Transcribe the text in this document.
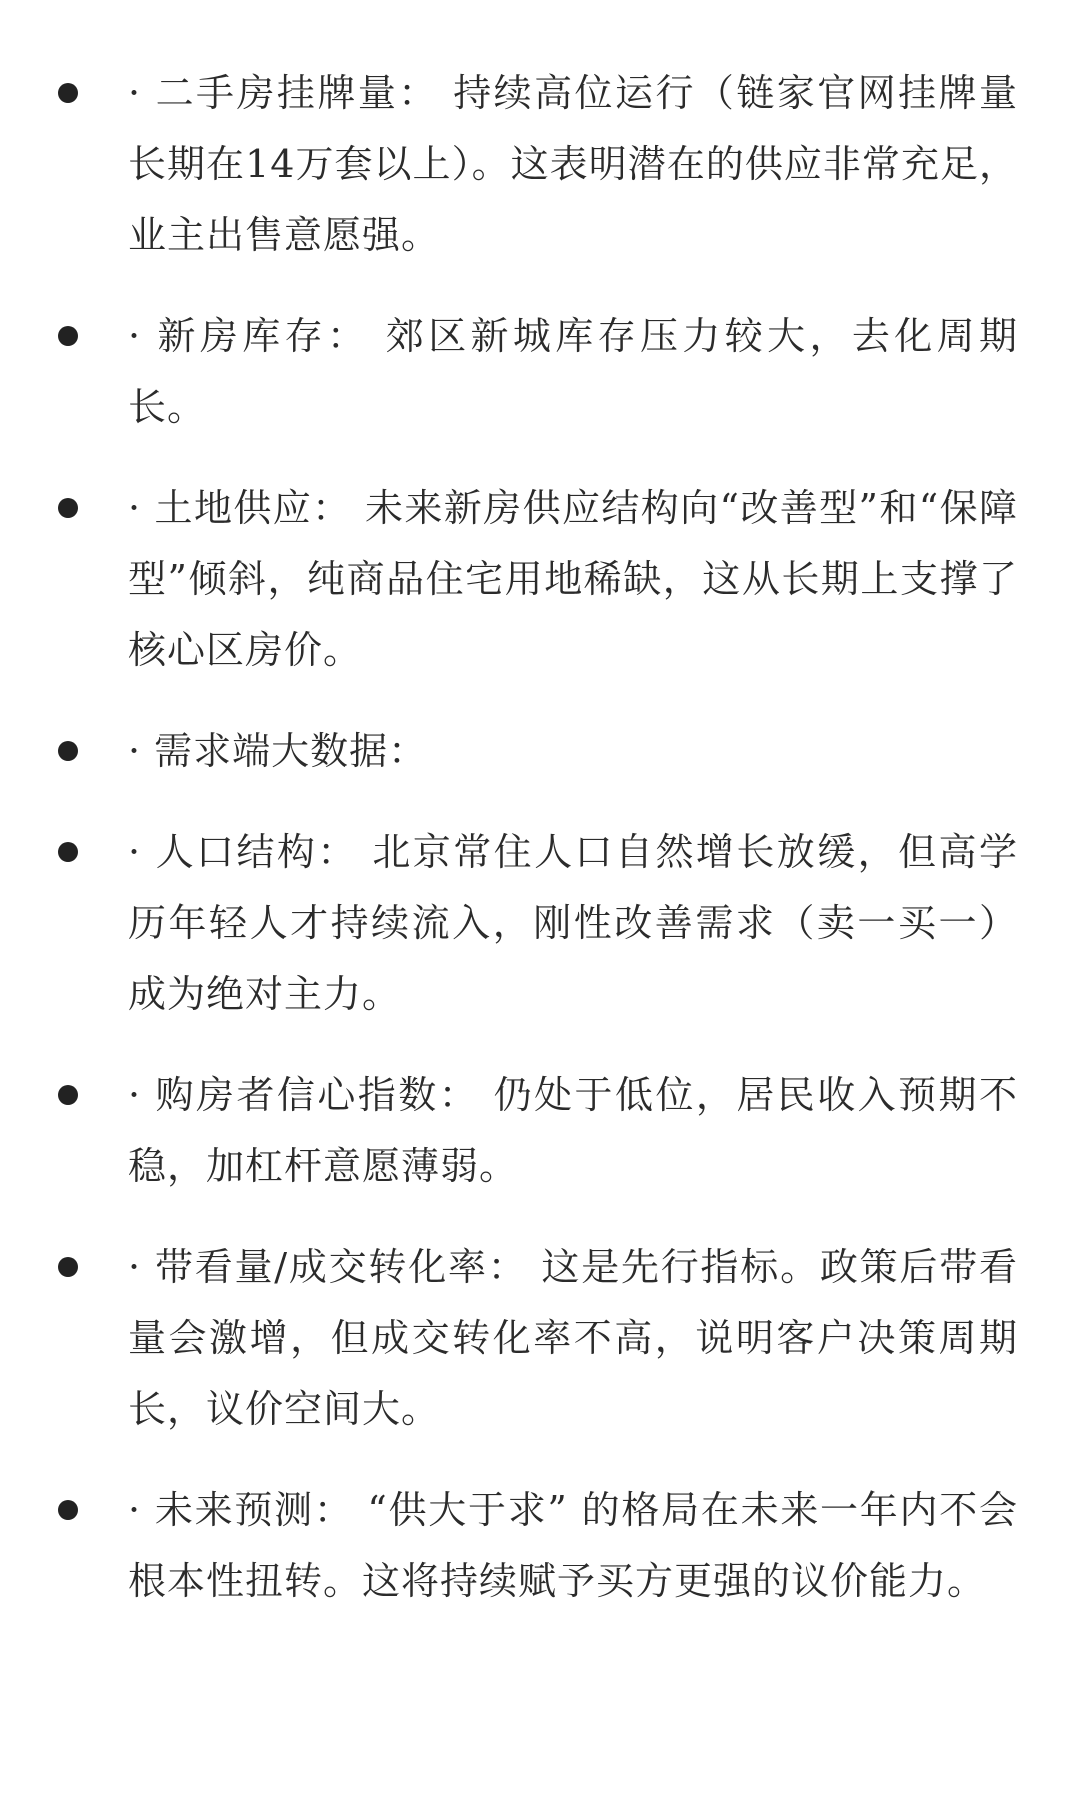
· 二手房挂牌量： 持续高位运行（链家官网挂牌量长期在14万套以上）。这表明潜在的供应非常充足，业主出售意愿强。
· 新房库存： 郊区新城库存压力较大，去化周期长。
· 土地供应： 未来新房供应结构向“改善型”和“保障型”倾斜，纯商品住宅用地稀缺，这从长期上支撑了核心区房价。
· 需求端大数据：
· 人口结构： 北京常住人口自然增长放缓，但高学历年轻人才持续流入，刚性改善需求（卖一买一）成为绝对主力。
· 购房者信心指数： 仍处于低位，居民收入预期不稳，加杠杆意愿薄弱。
· 带看量/成交转化率： 这是先行指标。政策后带看量会激增，但成交转化率不高，说明客户决策周期长，议价空间大。
· 未来预测： “供大于求” 的格局在未来一年内不会根本性扭转。这将持续赋予买方更强的议价能力。
